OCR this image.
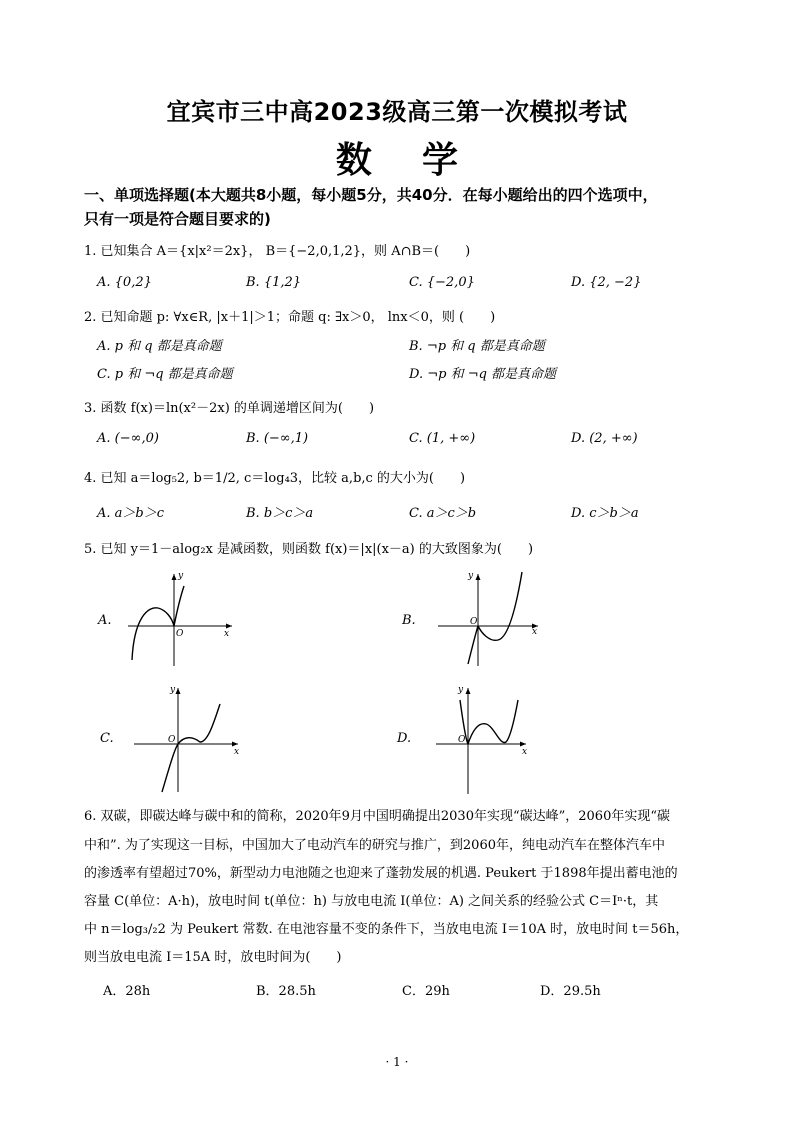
宜宾市三中高2023级高三第一次模拟考试
数    学
一、单项选择题(本大题共8小题，每小题5分，共40分．在每小题给出的四个选项中，
只有一项是符合题目要求的)
1. 已知集合 A＝{x|x²＝2x}， B＝{−2,0,1,2}，则 A∩B＝(　　)
A. {0,2}	B. {1,2}	C. {−2,0}	D. {2, −2}
2. 已知命题 p: ∀x∈R, |x＋1|＞1；命题 q: ∃x＞0， lnx＜0，则 (　　)
A. p 和 q 都是真命题	B. ¬p 和 q 都是真命题
C. p 和 ¬q 都是真命题	D. ¬p 和 ¬q 都是真命题
3. 函数 f(x)＝ln(x²－2x) 的单调递增区间为(　　)
A. (−∞,0)	B. (−∞,1)	C. (1, +∞)	D. (2, +∞)
4. 已知 a＝log₅2, b＝1/2, c＝log₄3，比较 a,b,c 的大小为(　　)
A. a＞b＞c	B. b＞c＞a	C. a＞c＞b	D. c＞b＞a
5. 已知 y＝1－alog₂x 是减函数，则函数 f(x)＝|x|(x－a) 的大致图象为(　　)
A.	B.
C.	D.
y
x
O
y
x
O
y
x
O
y
x
O
6. 双碳，即碳达峰与碳中和的简称，2020年9月中国明确提出2030年实现“碳达峰”，2060年实现“碳
中和”. 为了实现这一目标，中国加大了电动汽车的研究与推广，到2060年，纯电动汽车在整体汽车中
的渗透率有望超过70%，新型动力电池随之也迎来了蓬勃发展的机遇. Peukert 于1898年提出蓄电池的
容量 C(单位：A·h)，放电时间 t(单位：h) 与放电电流 I(单位：A) 之间关系的经验公式 C＝Iⁿ·t，其
中 n＝log₃/₂2 为 Peukert 常数. 在电池容量不变的条件下，当放电电流 I＝10A 时，放电时间 t＝56h，
则当放电电流 I＝15A 时，放电时间为(　　)
A．28h	B．28.5h	C．29h	D．29.5h
· 1 ·
